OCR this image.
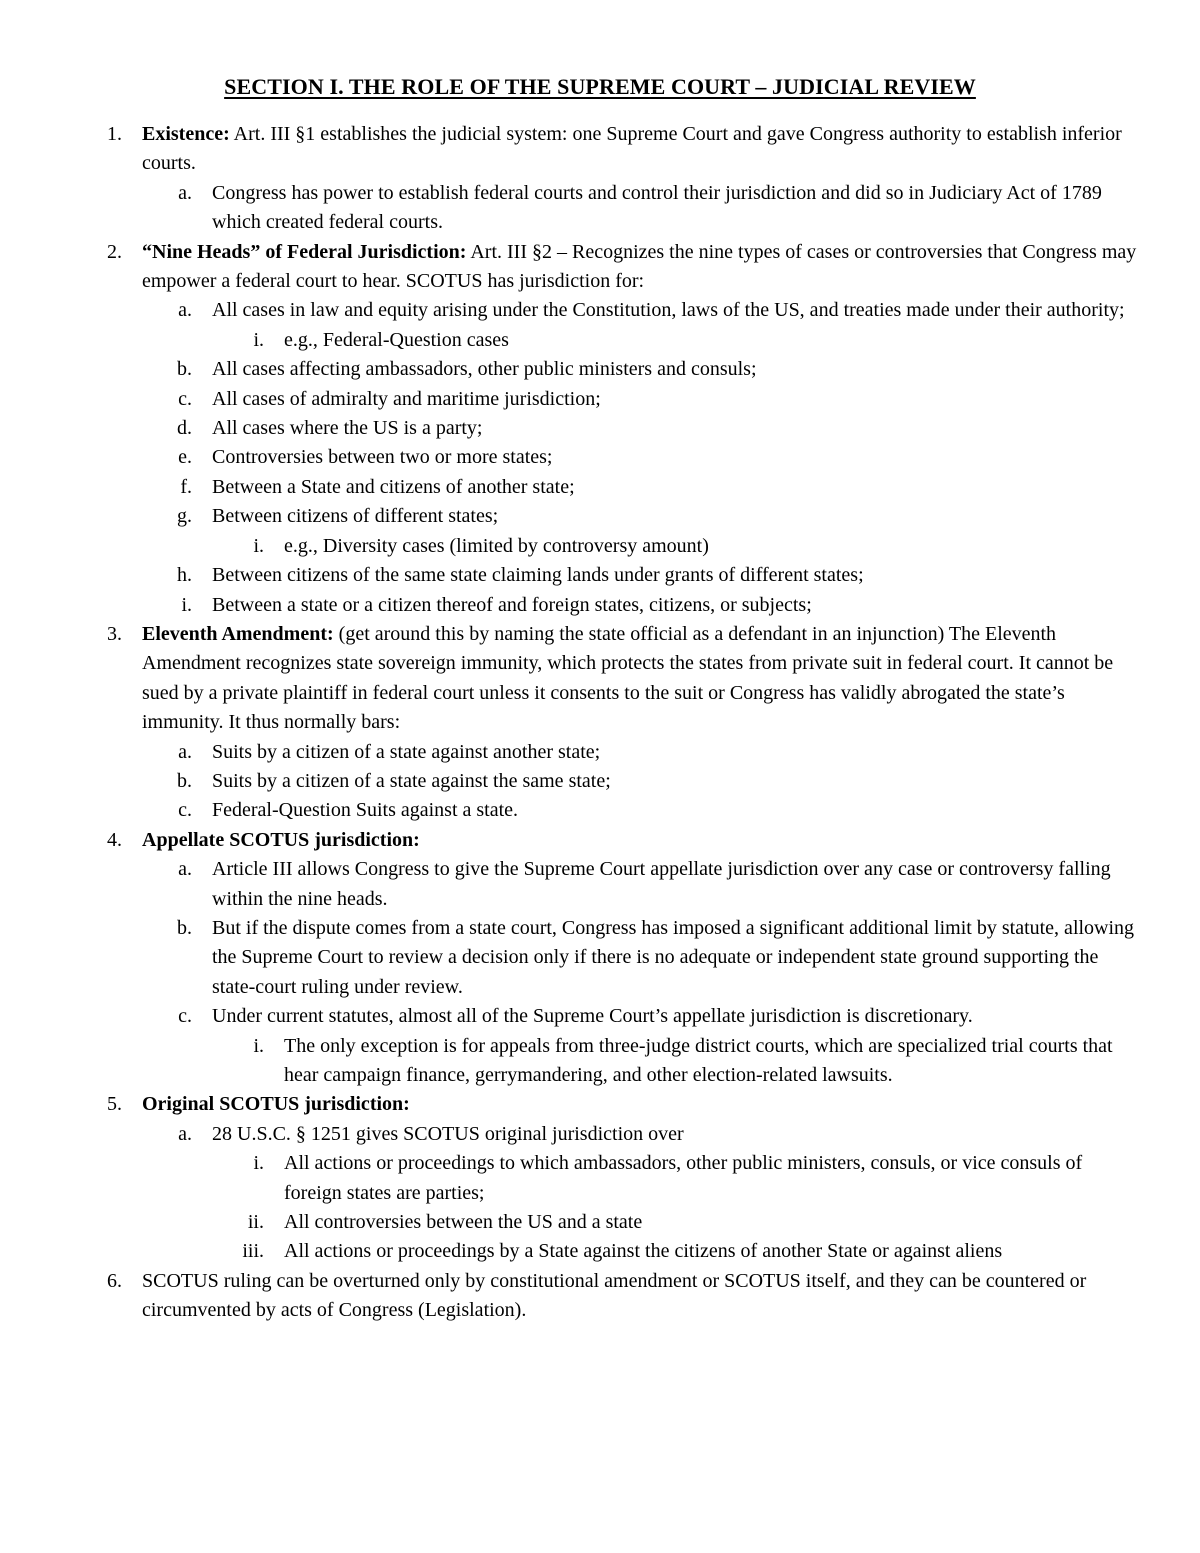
SECTION I. THE ROLE OF THE SUPREME COURT – JUDICIAL REVIEW
1. Existence: Art. III §1 establishes the judicial system: one Supreme Court and gave Congress authority to establish inferior courts.
a. Congress has power to establish federal courts and control their jurisdiction and did so in Judiciary Act of 1789 which created federal courts.
2. “Nine Heads” of Federal Jurisdiction: Art. III §2 – Recognizes the nine types of cases or controversies that Congress may empower a federal court to hear. SCOTUS has jurisdiction for:
a. All cases in law and equity arising under the Constitution, laws of the US, and treaties made under their authority;
i. e.g., Federal-Question cases
b. All cases affecting ambassadors, other public ministers and consuls;
c. All cases of admiralty and maritime jurisdiction;
d. All cases where the US is a party;
e. Controversies between two or more states;
f. Between a State and citizens of another state;
g. Between citizens of different states;
i. e.g., Diversity cases (limited by controversy amount)
h. Between citizens of the same state claiming lands under grants of different states;
i. Between a state or a citizen thereof and foreign states, citizens, or subjects;
3. Eleventh Amendment: (get around this by naming the state official as a defendant in an injunction) The Eleventh Amendment recognizes state sovereign immunity, which protects the states from private suit in federal court. It cannot be sued by a private plaintiff in federal court unless it consents to the suit or Congress has validly abrogated the state’s immunity. It thus normally bars:
a. Suits by a citizen of a state against another state;
b. Suits by a citizen of a state against the same state;
c. Federal-Question Suits against a state.
4. Appellate SCOTUS jurisdiction:
a. Article III allows Congress to give the Supreme Court appellate jurisdiction over any case or controversy falling within the nine heads.
b. But if the dispute comes from a state court, Congress has imposed a significant additional limit by statute, allowing the Supreme Court to review a decision only if there is no adequate or independent state ground supporting the state-court ruling under review.
c. Under current statutes, almost all of the Supreme Court’s appellate jurisdiction is discretionary.
i. The only exception is for appeals from three-judge district courts, which are specialized trial courts that hear campaign finance, gerrymandering, and other election-related lawsuits.
5. Original SCOTUS jurisdiction:
a. 28 U.S.C. § 1251 gives SCOTUS original jurisdiction over
i. All actions or proceedings to which ambassadors, other public ministers, consuls, or vice consuls of foreign states are parties;
ii. All controversies between the US and a state
iii. All actions or proceedings by a State against the citizens of another State or against aliens
6. SCOTUS ruling can be overturned only by constitutional amendment or SCOTUS itself, and they can be countered or circumvented by acts of Congress (Legislation).
